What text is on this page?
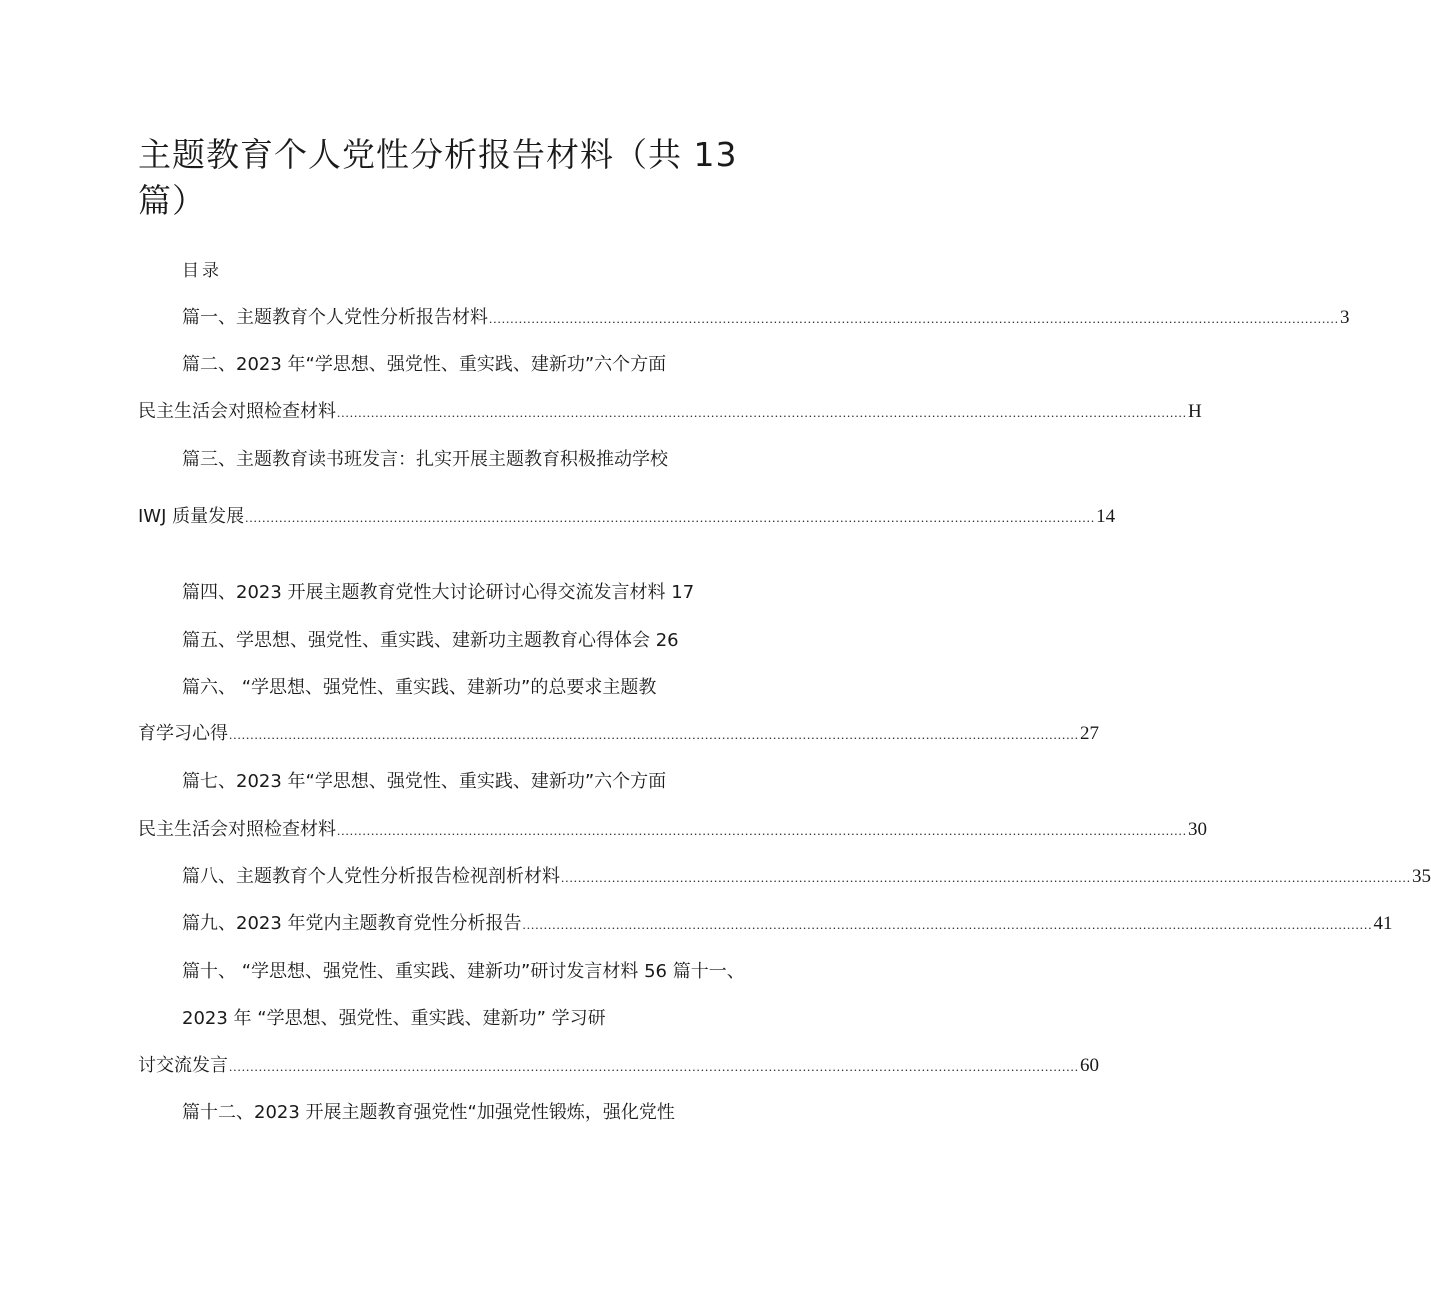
主题教育个人党性分析报告材料（共 13 篇）
目录
篇一、主题教育个人党性分析报告材料 ........................................................................................................................................................................................................ 3
篇二、2023 年“学思想、强党性、重实践、建新功”六个方面
民主生活会对照检查材料 ........................................................................................................................................................................................................ H
篇三、主题教育读书班发言：扎实开展主题教育积极推动学校
IWJ 质量发展 ........................................................................................................................................................................................................ 14
篇四、2023 开展主题教育党性大讨论研讨心得交流发言材料 17
篇五、学思想、强党性、重实践、建新功主题教育心得体会 26
篇六、 “学思想、强党性、重实践、建新功”的总要求主题教
育学习心得 ........................................................................................................................................................................................................ 27
篇七、2023 年“学思想、强党性、重实践、建新功”六个方面
民主生活会对照检查材料 ........................................................................................................................................................................................................ 30
篇八、主题教育个人党性分析报告检视剖析材料 ........................................................................................................................................................................................................ 35
篇九、2023 年党内主题教育党性分析报告 ........................................................................................................................................................................................................ 41
篇十、 “学思想、强党性、重实践、建新功”研讨发言材料 56 篇十一、
2023 年 “学思想、强党性、重实践、建新功” 学习研
讨交流发言 ........................................................................................................................................................................................................ 60
篇十二、2023 开展主题教育强党性“加强党性锻炼，强化党性
